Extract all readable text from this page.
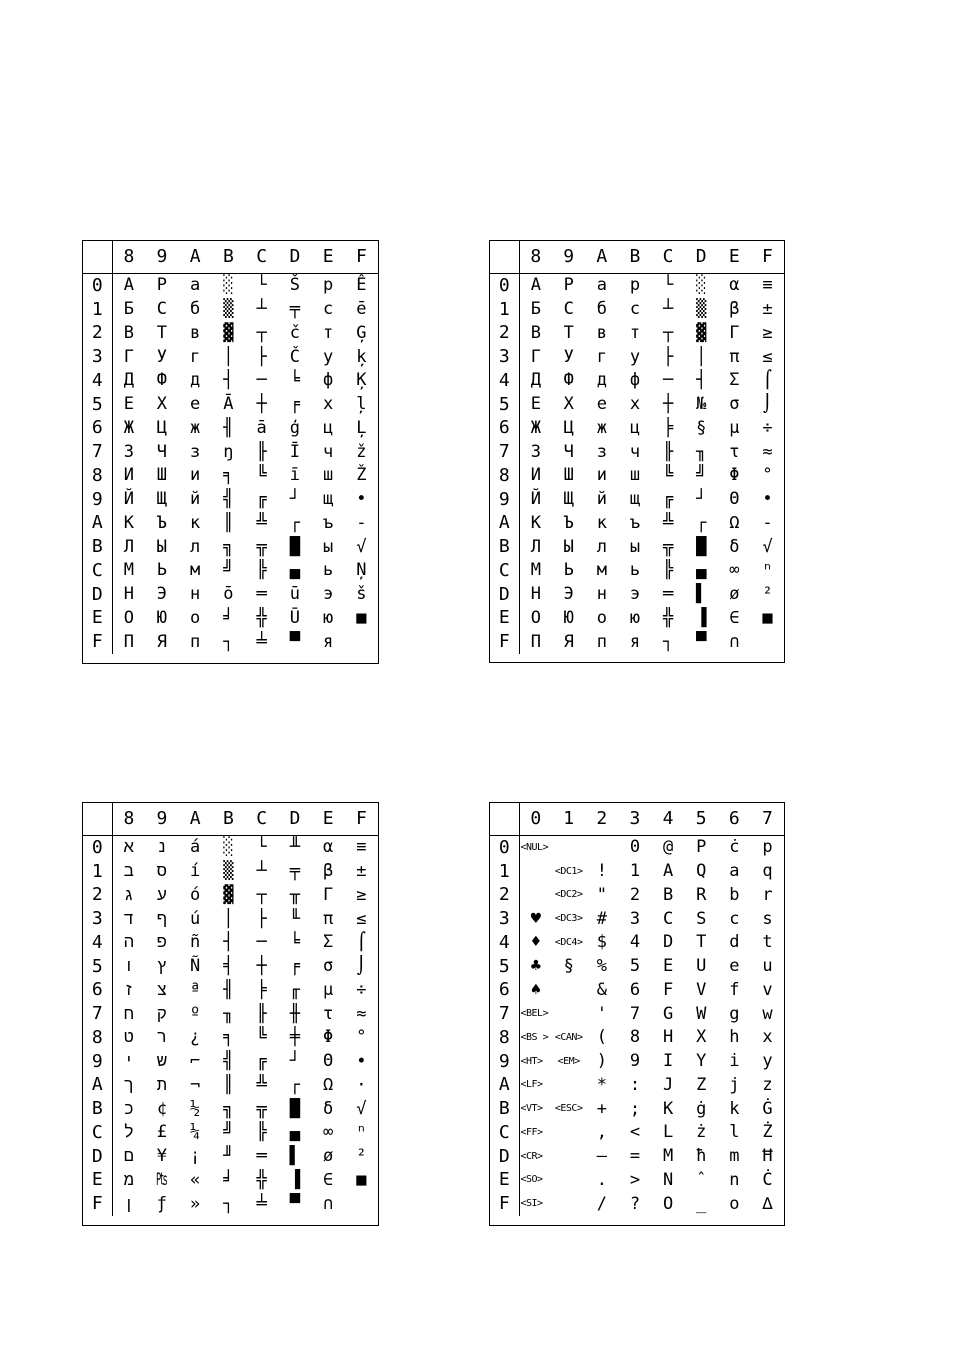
	8	9	A	B	C	D	E	F
0	А	Р	а	░	└	Š	р	Ê
1	Б	С	б	▒	┴	╤	с	ē
2	В	Т	в	▓	┬	č	т	Ģ
3	Г	У	г	│	├	Č	у	ķ
4	Д	Ф	д	┤	─	╘	ф	Ķ
5	Е	Х	е	Ā	┼	╒	х	ļ
6	Ж	Ц	ж	╢	ā	ģ	ц	Ļ
7	З	Ч	з	ŋ	╟	Ī	ч	ž
8	И	Ш	и	╕	╚	ī	ш	Ž
9	Й	Щ	й	╣	╔	┘	щ	•
A	К	Ъ	к	║	╩	┌	ъ	-
B	Л	Ы	л	╗	╦	█	ы	√
C	М	Ь	м	╝	╠	▄	ь	Ņ
D	Н	Э	н	ō	═	ū	э	š
E	О	Ю	о	╛	╬	Ū	ю	■
F	П	Я	п	┐	╧	▀	я	
	8	9	A	B	C	D	E	F
0	А	Р	а	р	└	░	α	≡
1	Б	С	б	с	┴	▒	β	±
2	В	Т	в	т	┬	▓	Γ	≥
3	Г	У	г	у	├	│	π	≤
4	Д	Ф	д	ф	─	┤	Σ	⌠
5	Е	Х	е	х	┼	№	σ	⌡
6	Ж	Ц	ж	ц	╞	§	μ	÷
7	З	Ч	з	ч	╟	╖	τ	≈
8	И	Ш	и	ш	╚	╝	Φ	°
9	Й	Щ	й	щ	╔	┘	Θ	•
A	К	Ъ	к	ъ	╩	┌	Ω	-
B	Л	Ы	л	ы	╦	█	δ	√
C	М	Ь	м	ь	╠	▄	∞	ⁿ
D	Н	Э	н	э	═	▌	ø	²
E	О	Ю	о	ю	╬	▐	∈	■
F	П	Я	п	я	┐	▀	∩	
	8	9	A	B	C	D	E	F
0	א	נ	á	░	└	╨	α	≡
1	ב	ס	í	▒	┴	╤	β	±
2	ג	ע	ó	▓	┬	╥	Γ	≥
3	ד	ף	ú	│	├	╙	π	≤
4	ה	פ	ñ	┤	─	╘	Σ	⌠
5	ו	ץ	Ñ	╡	┼	╒	σ	⌡
6	ז	צ	ª	╢	╞	╓	μ	÷
7	ח	ק	º	╖	╟	╫	τ	≈
8	ט	ר	¿	╕	╚	╪	Φ	°
9	י	ש	⌐	╣	╔	┘	Θ	∙
A	ך	ת	¬	║	╩	┌	Ω	·
B	כ	¢	½	╗	╦	█	δ	√
C	ל	£	¼	╝	╠	▄	∞	ⁿ
D	ם	¥	¡	╜	═	▌	ø	²
E	מ	₧	«	╛	╬	▐	∈	■
F	ן	ƒ	»	┐	╧	▀	∩	
	0	1	2	3	4	5	6	7
0	<NUL>			0	@	P	ċ	p
1		<DC1>	!	1	A	Q	a	q
2		<DC2>	"	2	B	R	b	r
3	♥	<DC3>	#	3	C	S	c	s
4	♦	<DC4>	$	4	D	T	d	t
5	♣	§	%	5	E	U	e	u
6	♠		&	6	F	V	f	v
7	<BEL>		'	7	G	W	g	w
8	<BS >	<CAN>	(	8	H	X	h	x
9	<HT>	<EM>	)	9	I	Y	i	y
A	<LF>		*	:	J	Z	j	z
B	<VT>	<ESC>	+	;	K	ġ	k	Ġ
C	<FF>		,	<	L	ż	l	Ż
D	<CR>		—	=	M	ħ	m	Ħ
E	<SO>		.	>	N	ˆ	n	Ċ
F	<SI>		/	?	O	_	o	∆
